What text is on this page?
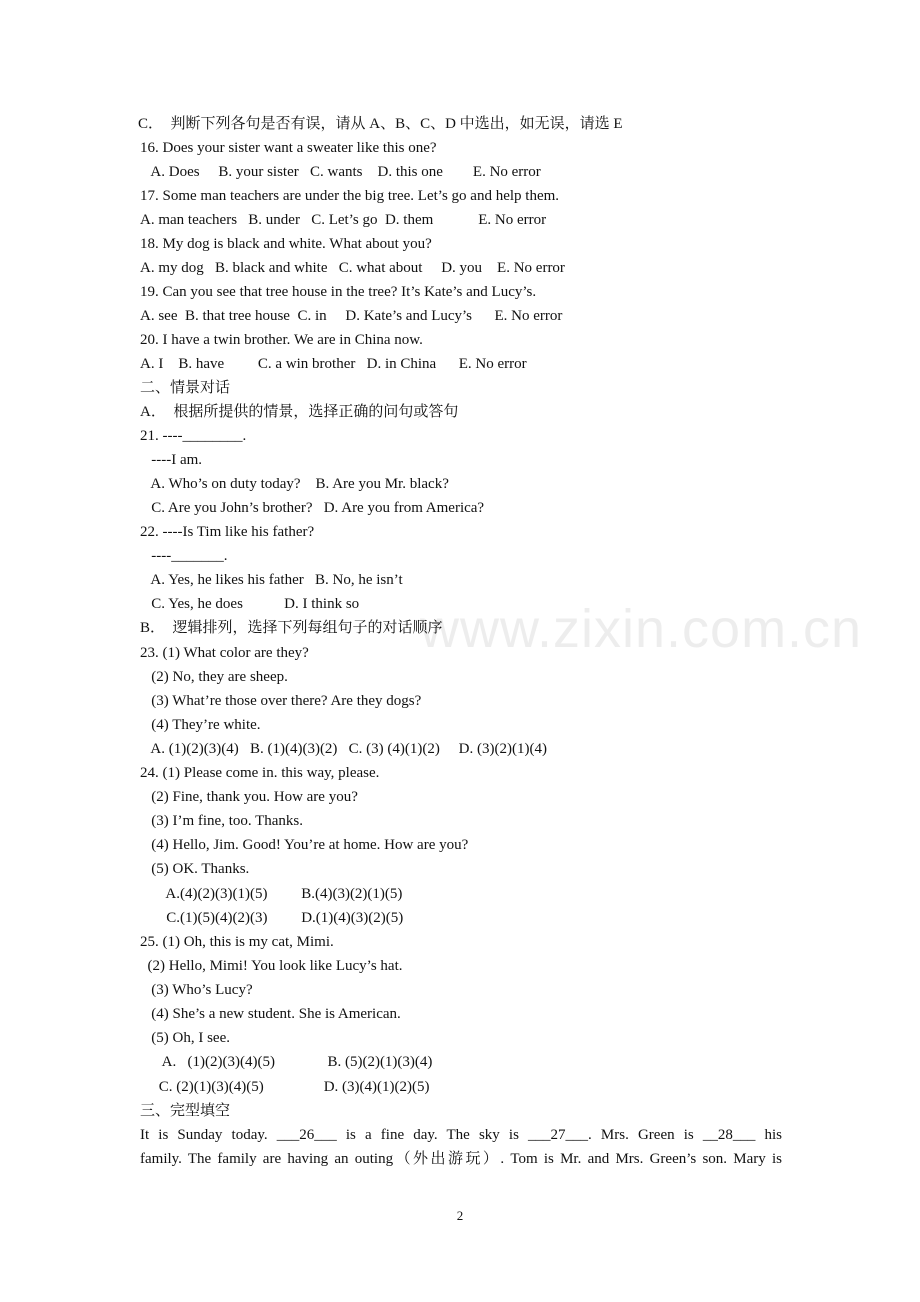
www.zixin.com.cn
C．  判断下列各句是否有误，请从 A、B、C、D 中选出，如无误，请选 E
16. Does your sister want a sweater like this one?
A. Does     B. your sister   C. wants    D. this one        E. No error
17. Some man teachers are under the big tree. Let’s go and help them.
A. man teachers   B. under   C. Let’s go  D. them            E. No error
18. My dog is black and white. What about you?
A. my dog   B. black and white   C. what about     D. you    E. No error
19. Can you see that tree house in the tree? It’s Kate’s and Lucy’s.
A. see  B. that tree house  C. in     D. Kate’s and Lucy’s      E. No error
20. I have a twin brother. We are in China now.
A. I    B. have         C. a win brother   D. in China      E. No error
二、情景对话
A．  根据所提供的情景，选择正确的问句或答句
21. ----________.
----I am.
A. Who’s on duty today?    B. Are you Mr. black?
C. Are you John’s brother?   D. Are you from America?
22. ----Is Tim like his father?
----_______.
A. Yes, he likes his father   B. No, he isn’t
C. Yes, he does           D. I think so
B．  逻辑排列，选择下列每组句子的对话顺序
23. (1) What color are they?
(2) No, they are sheep.
(3) What’re those over there? Are they dogs?
(4) They’re white.
A. (1)(2)(3)(4)   B. (1)(4)(3)(2)   C. (3) (4)(1)(2)     D. (3)(2)(1)(4)
24. (1) Please come in. this way, please.
(2) Fine, thank you. How are you?
(3) I’m fine, too. Thanks.
(4) Hello, Jim. Good! You’re at home. How are you?
(5) OK. Thanks.
A.(4)(2)(3)(1)(5)         B.(4)(3)(2)(1)(5)
C.(1)(5)(4)(2)(3)         D.(1)(4)(3)(2)(5)
25. (1) Oh, this is my cat, Mimi.
(2) Hello, Mimi! You look like Lucy’s hat.
(3) Who’s Lucy?
(4) She’s a new student. She is American.
(5) Oh, I see.
A.   (1)(2)(3)(4)(5)              B. (5)(2)(1)(3)(4)
C. (2)(1)(3)(4)(5)                D. (3)(4)(1)(2)(5)
三、完型填空
It is Sunday today. ___26___ is a fine day. The sky is ___27___. Mrs. Green is __28___ his
family. The family are having an outing（外出游玩）. Tom is Mr. and Mrs. Green’s son. Mary is
2
